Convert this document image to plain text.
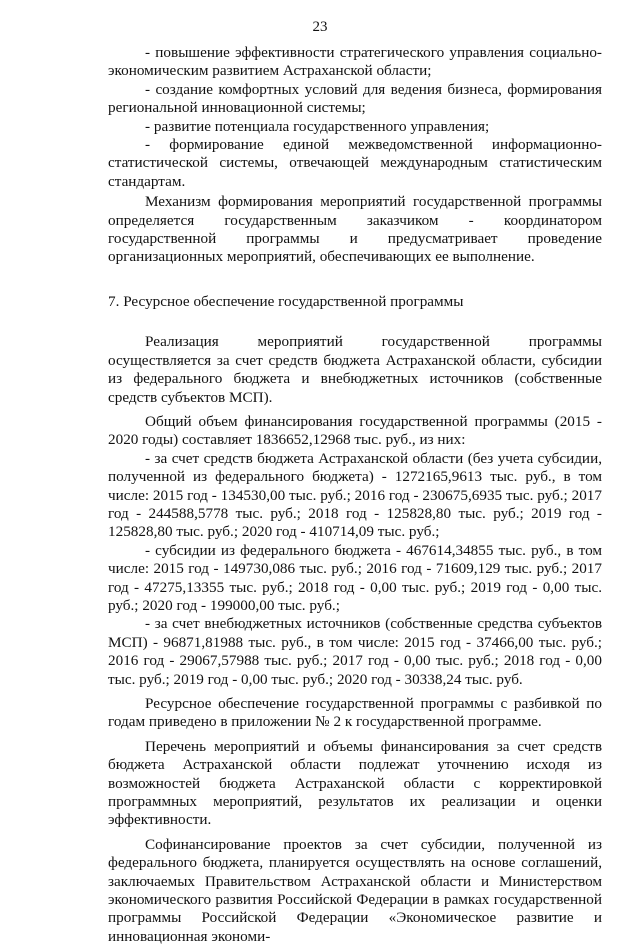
23

- повышение эффективности стратегического управления социально-экономическим развитием Астраханской области;

- создание комфортных условий для ведения бизнеса, формирования региональной инновационной системы;

- развитие потенциала государственного управления;

- формирование единой межведомственной информационно-статистической системы, отвечающей международным статистическим стандартам.

Механизм формирования мероприятий государственной программы определяется государственным заказчиком - координатором государственной программы и предусматривает проведение организационных мероприятий, обеспечивающих ее выполнение.

7. Ресурсное обеспечение государственной программы

Реализация мероприятий государственной программы осуществляется за счет средств бюджета Астраханской области, субсидии из федерального бюджета и внебюджетных источников (собственные средств субъектов МСП).

Общий объем финансирования государственной программы (2015 - 2020 годы) составляет 1836652,12968 тыс. руб., из них:

- за счет средств бюджета Астраханской области (без учета субсидии, полученной из федерального бюджета) - 1272165,9613 тыс. руб., в том числе: 2015 год - 134530,00 тыс. руб.; 2016 год - 230675,6935 тыс. руб.; 2017 год - 244588,5778 тыс. руб.; 2018 год - 125828,80 тыс. руб.; 2019 год - 125828,80 тыс. руб.; 2020 год - 410714,09 тыс. руб.;

- субсидии из федерального бюджета - 467614,34855 тыс. руб., в том числе: 2015 год - 149730,086 тыс. руб.; 2016 год - 71609,129 тыс. руб.; 2017 год - 47275,13355 тыс. руб.; 2018 год - 0,00 тыс. руб.; 2019 год - 0,00 тыс. руб.; 2020 год - 199000,00 тыс. руб.;

- за счет внебюджетных источников (собственные средства субъектов МСП) - 96871,81988 тыс. руб., в том числе: 2015 год - 37466,00 тыс. руб.; 2016 год - 29067,57988 тыс. руб.; 2017 год - 0,00 тыс. руб.; 2018 год - 0,00 тыс. руб.; 2019 год - 0,00 тыс. руб.; 2020 год - 30338,24 тыс. руб.

Ресурсное обеспечение государственной программы с разбивкой по годам приведено в приложении № 2 к государственной программе.

Перечень мероприятий и объемы финансирования за счет средств бюджета Астраханской области подлежат уточнению исходя из возможностей бюджета Астраханской области с корректировкой программных мероприятий, результатов их реализации и оценки эффективности.

Софинансирование проектов за счет субсидии, полученной из федерального бюджета, планируется осуществлять на основе соглашений, заключаемых Правительством Астраханской области и Министерством экономического развития Российской Федерации в рамках государственной программы Российской Федерации «Экономическое развитие и инновационная экономи-
